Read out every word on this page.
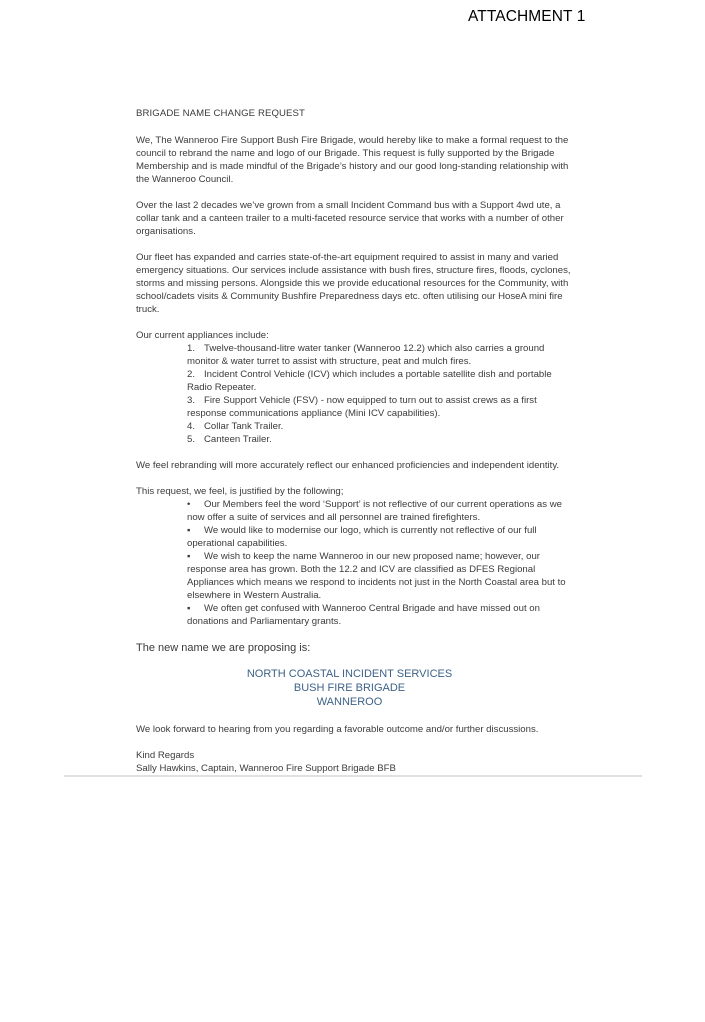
ATTACHMENT 1

BRIGADE NAME CHANGE REQUEST

We, The Wanneroo Fire Support Bush Fire Brigade, would hereby like to make a formal request to the council to rebrand the name and logo of our Brigade. This request is fully supported by the Brigade Membership and is made mindful of the Brigade’s history and our good long-standing relationship with the Wanneroo Council.

Over the last 2 decades we’ve grown from a small Incident Command bus with a Support 4wd ute, a collar tank and a canteen trailer to a multi-faceted resource service that works with a number of other organisations.

Our fleet has expanded and carries state-of-the-art equipment required to assist in many and varied emergency situations. Our services include assistance with bush fires, structure fires, floods, cyclones, storms and missing persons. Alongside this we provide educational resources for the Community, with school/cadets visits & Community Bushfire Preparedness days etc. often utilising our HoseA mini fire truck.

Our current appliances include:

1. Twelve-thousand-litre water tanker (Wanneroo 12.2) which also carries a ground monitor & water turret to assist with structure, peat and mulch fires.
2. Incident Control Vehicle (ICV) which includes a portable satellite dish and portable Radio Repeater.
3. Fire Support Vehicle (FSV) - now equipped to turn out to assist crews as a first response communications appliance (Mini ICV capabilities).
4. Collar Tank Trailer.
5. Canteen Trailer.

We feel rebranding will more accurately reflect our enhanced proficiencies and independent identity.

This request, we feel, is justified by the following;

• Our Members feel the word ‘Support’ is not reflective of our current operations as we now offer a suite of services and all personnel are trained firefighters.
▪ We would like to modernise our logo, which is currently not reflective of our full operational capabilities.
▪ We wish to keep the name Wanneroo in our new proposed name; however, our response area has grown. Both the 12.2 and ICV are classified as DFES Regional Appliances which means we respond to incidents not just in the North Coastal area but to elsewhere in Western Australia.
▪ We often get confused with Wanneroo Central Brigade and have missed out on donations and Parliamentary grants.

The new name we are proposing is:

NORTH COASTAL INCIDENT SERVICES
BUSH FIRE BRIGADE
WANNEROO

We look forward to hearing from you regarding a favorable outcome and/or further discussions.

Kind Regards

Sally Hawkins, Captain, Wanneroo Fire Support Brigade BFB
